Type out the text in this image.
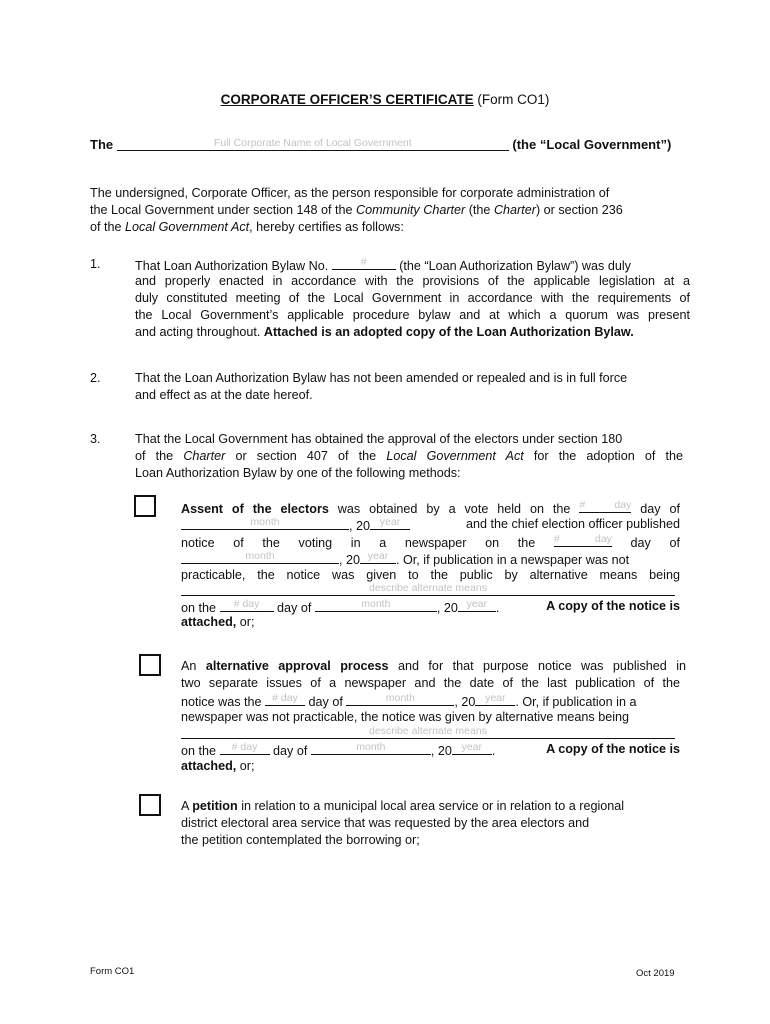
CORPORATE OFFICER’S CERTIFICATE (Form CO1)
The	Full Corporate Name of Local Government	(the “Local Government”)
The undersigned, Corporate Officer, as the person responsible for corporate administration of
the Local Government under section 148 of the Community Charter (the Charter) or section 236
of the Local Government Act, hereby certifies as follows:
1.	That Loan Authorization Bylaw No.	#	(the “Loan Authorization Bylaw”) was duly
and properly enacted in accordance with the provisions of the applicable legislation at a
duly constituted meeting of the Local Government in accordance with the requirements of
the Local Government’s applicable procedure bylaw and at which a quorum was present
and acting throughout. Attached is an adopted copy of the Loan Authorization Bylaw.
2.	That the Loan Authorization Bylaw has not been amended or repealed and is in full force
and effect as at the date hereof.
3.	That the Local Government has obtained the approval of the electors under section 180
of the Charter or section 407 of the Local Government Act for the adoption of the
Loan Authorization Bylaw by one of the following methods:
Assent of the electors was obtained by a vote held on the # day day of
month	, 20 year	and the chief election officer published
notice of the voting in a newspaper on the # day day of
month	, 20 year . Or, if publication in a newspaper was not
practicable, the notice was given to the public by alternative means being
describe alternate means
on the	# day	day of	month	, 20 year .	A copy of the notice is
attached, or;
An alternative approval process and for that purpose notice was published in
two separate issues of a newspaper and the date of the last publication of the
notice was the	# day day of	month	, 20 year . Or, if publication in a
newspaper was not practicable, the notice was given by alternative means being
describe alternate means
on the	# day	day of	month	, 20 year .	A copy of the notice is
attached, or;
A petition in relation to a municipal local area service or in relation to a regional
district electoral area service that was requested by the area electors and
the petition contemplated the borrowing or;
Form CO1	Oct 2019
